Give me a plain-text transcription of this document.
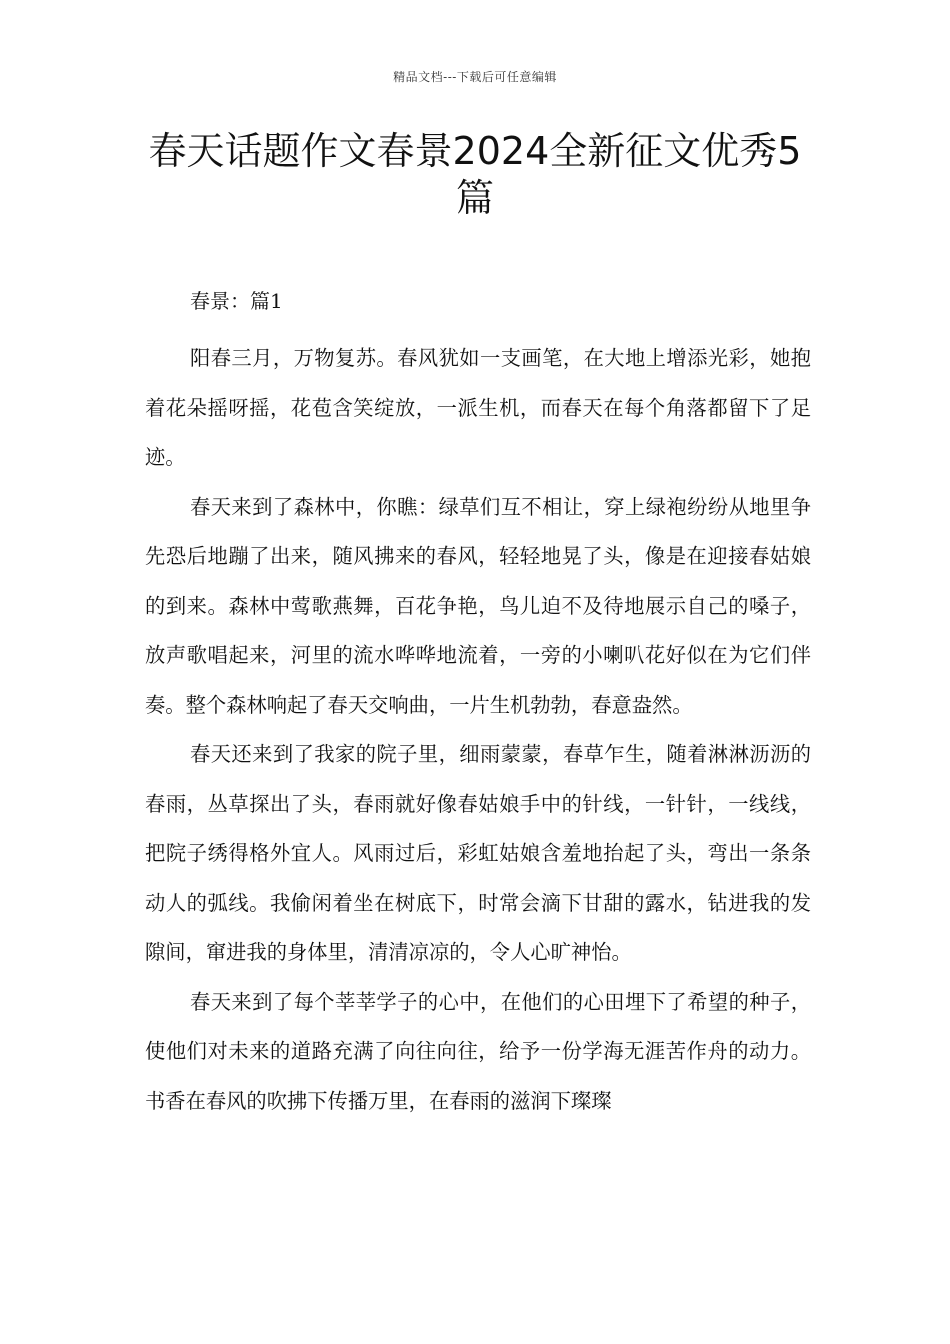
精品文档---下载后可任意编辑
春天话题作文春景2024全新征文优秀5篇

春景：篇1

阳春三月，万物复苏。春风犹如一支画笔，在大地上增添光彩，她抱着花朵摇呀摇，花苞含笑绽放，一派生机，而春天在每个角落都留下了足迹。

春天来到了森林中，你瞧：绿草们互不相让，穿上绿袍纷纷从地里争先恐后地蹦了出来，随风拂来的春风，轻轻地晃了头，像是在迎接春姑娘的到来。森林中莺歌燕舞，百花争艳，鸟儿迫不及待地展示自己的嗓子，放声歌唱起来，河里的流水哗哗地流着，一旁的小喇叭花好似在为它们伴奏。整个森林响起了春天交响曲，一片生机勃勃，春意盎然。

春天还来到了我家的院子里，细雨蒙蒙，春草乍生，随着淋淋沥沥的春雨，丛草探出了头，春雨就好像春姑娘手中的针线，一针针，一线线，把院子绣得格外宜人。风雨过后，彩虹姑娘含羞地抬起了头，弯出一条条动人的弧线。我偷闲着坐在树底下，时常会滴下甘甜的露水，钻进我的发隙间，窜进我的身体里，清清凉凉的，令人心旷神怡。

春天来到了每个莘莘学子的心中，在他们的心田埋下了希望的种子，使他们对未来的道路充满了向往向往，给予一份学海无涯苦作舟的动力。书香在春风的吹拂下传播万里，在春雨的滋润下璨璨
